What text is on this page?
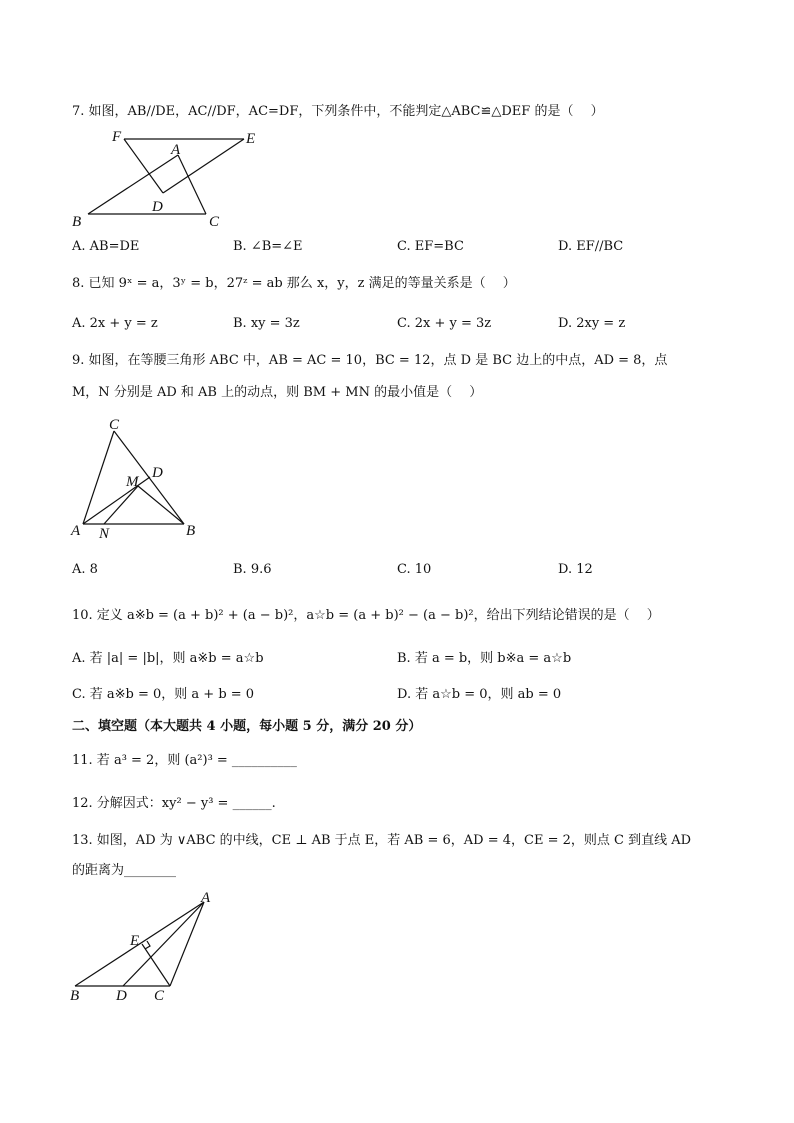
7. 如图，AB//DE，AC//DF，AC=DF，下列条件中，不能判定△ABC≌△DEF 的是（　 ）
F	E
A
B
D
C
A. AB=DE	B. ∠B=∠E	C. EF=BC	D. EF//BC
8. 已知 9ˣ = a，3ʸ = b，27ᶻ = ab 那么 x，y，z 满足的等量关系是（　 ）
A. 2x + y = z	B. xy = 3z	C. 2x + y = 3z	D. 2xy = z
9. 如图，在等腰三角形 ABC 中，AB = AC = 10，BC = 12，点 D 是 BC 边上的中点，AD = 8，点
M，N 分别是 AD 和 AB 上的动点，则 BM + MN 的最小值是（　 ）
C
D
M
A N	B
A. 8	B. 9.6	C. 10	D. 12
10. 定义 a※b = (a + b)² + (a − b)²，a☆b = (a + b)² − (a − b)²，给出下列结论错误的是（　 ）
A. 若 |a| = |b|，则 a※b = a☆b	B. 若 a = b，则 b※a = a☆b
C. 若 a※b = 0，则 a + b = 0	D. 若 a☆b = 0，则 ab = 0
二、填空题（本大题共 4 小题，每小题 5 分，满分 20 分）
11. 若 a³ = 2，则 (a²)³ = __________
12. 分解因式：xy² − y³ = ______.
13. 如图，AD 为 ∨ABC 的中线，CE ⊥ AB 于点 E，若 AB = 6，AD = 4，CE = 2，则点 C 到直线 AD
的距离为________
A
E
B D C
